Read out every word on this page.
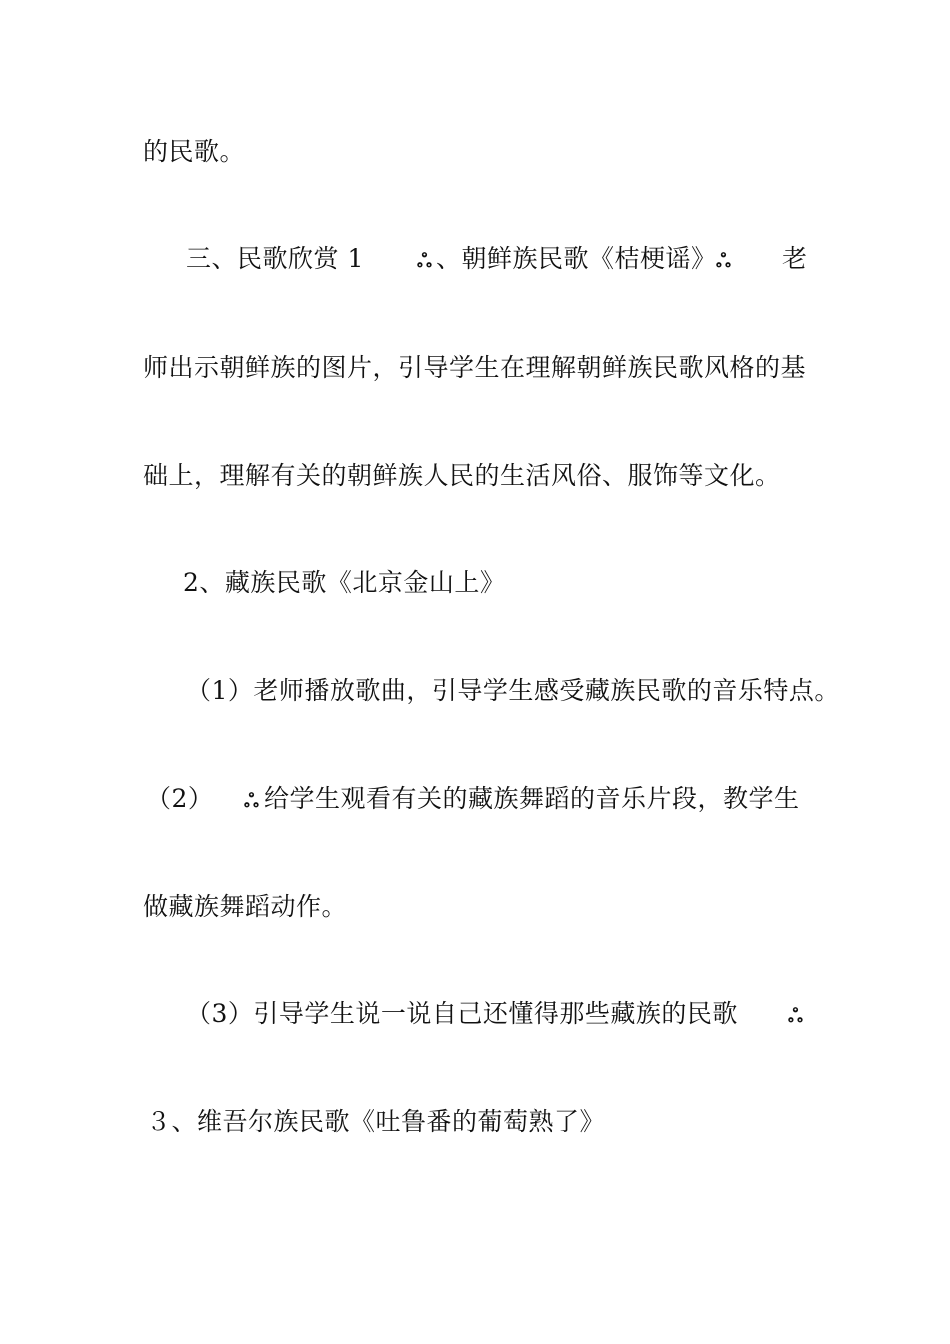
的民歌。
三、民歌欣赏 1	ஃ 、朝鲜族民歌《桔梗谣》 ஃ 老
师出示朝鲜族的图片，引导学生在理解朝鲜族民歌风格的基
础上，理解有关的朝鲜族人民的生活风俗、服饰等文化。
2、藏族民歌《北京金山上》
（1）老师播放歌曲，引导学生感受藏族民歌的音乐特点。
（2） ஃ 给学生观看有关的藏族舞蹈的音乐片段，教学生
做藏族舞蹈动作。
（3）引导学生说一说自己还懂得那些藏族的民歌	ஃ
３、维吾尔族民歌《吐鲁番的葡萄熟了》
